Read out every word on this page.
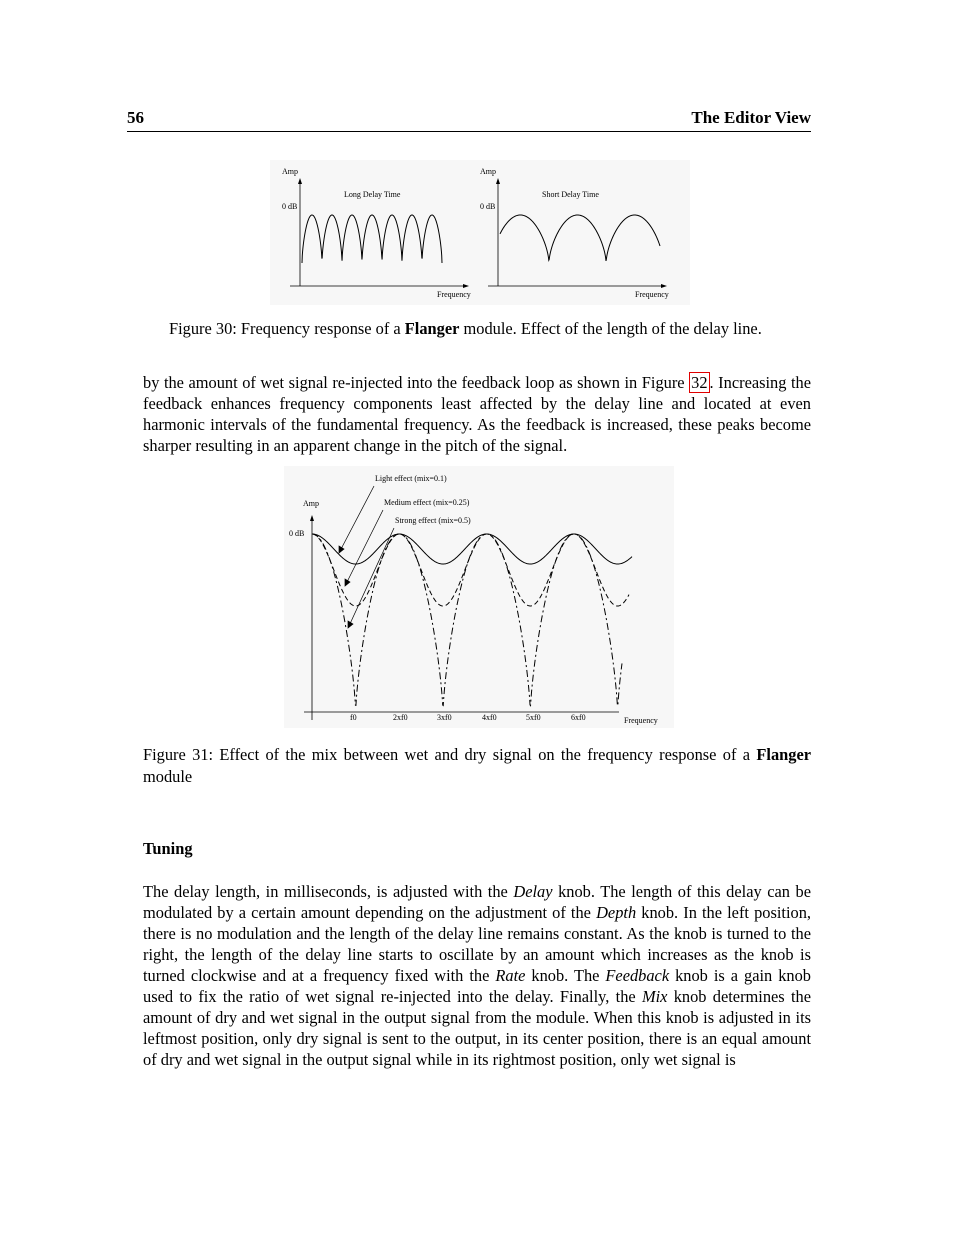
56	The Editor View
Amp
0 dB
Long Delay Time
Frequency
Amp
0 dB
Short Delay Time
Frequency
Figure 30: Frequency response of a Flanger module. Effect of the length of the delay line.

by the amount of wet signal re-injected into the feedback loop as shown in Figure 32 . Increasing the feedback enhances frequency components least affected by the delay line and located at even harmonic intervals of the fundamental frequency. As the feedback is increased, these peaks become sharper resulting in an apparent change in the pitch of the signal.

Amp
0 dB
Frequency
f0	2xf0	3xf0	4xf0	5xf0	6xf0
Light effect (mix=0.1)
Medium effect (mix=0.25)
Strong effect (mix=0.5)
Figure 31: Effect of the mix between wet and dry signal on the frequency response of a Flanger module
Tuning

The delay length, in milliseconds, is adjusted with the Delay knob. The length of this delay can be modulated by a certain amount depending on the adjustment of the Depth knob. In the left position, there is no modulation and the length of the delay line remains constant. As the knob is turned to the right, the length of the delay line starts to oscillate by an amount which increases as the knob is turned clockwise and at a frequency fixed with the Rate knob. The Feedback knob is a gain knob used to fix the ratio of wet signal re-injected into the delay. Finally, the Mix knob determines the amount of dry and wet signal in the output signal from the module. When this knob is adjusted in its leftmost position, only dry signal is sent to the output, in its center position, there is an equal amount of dry and wet signal in the output signal while in its rightmost position, only wet signal is
